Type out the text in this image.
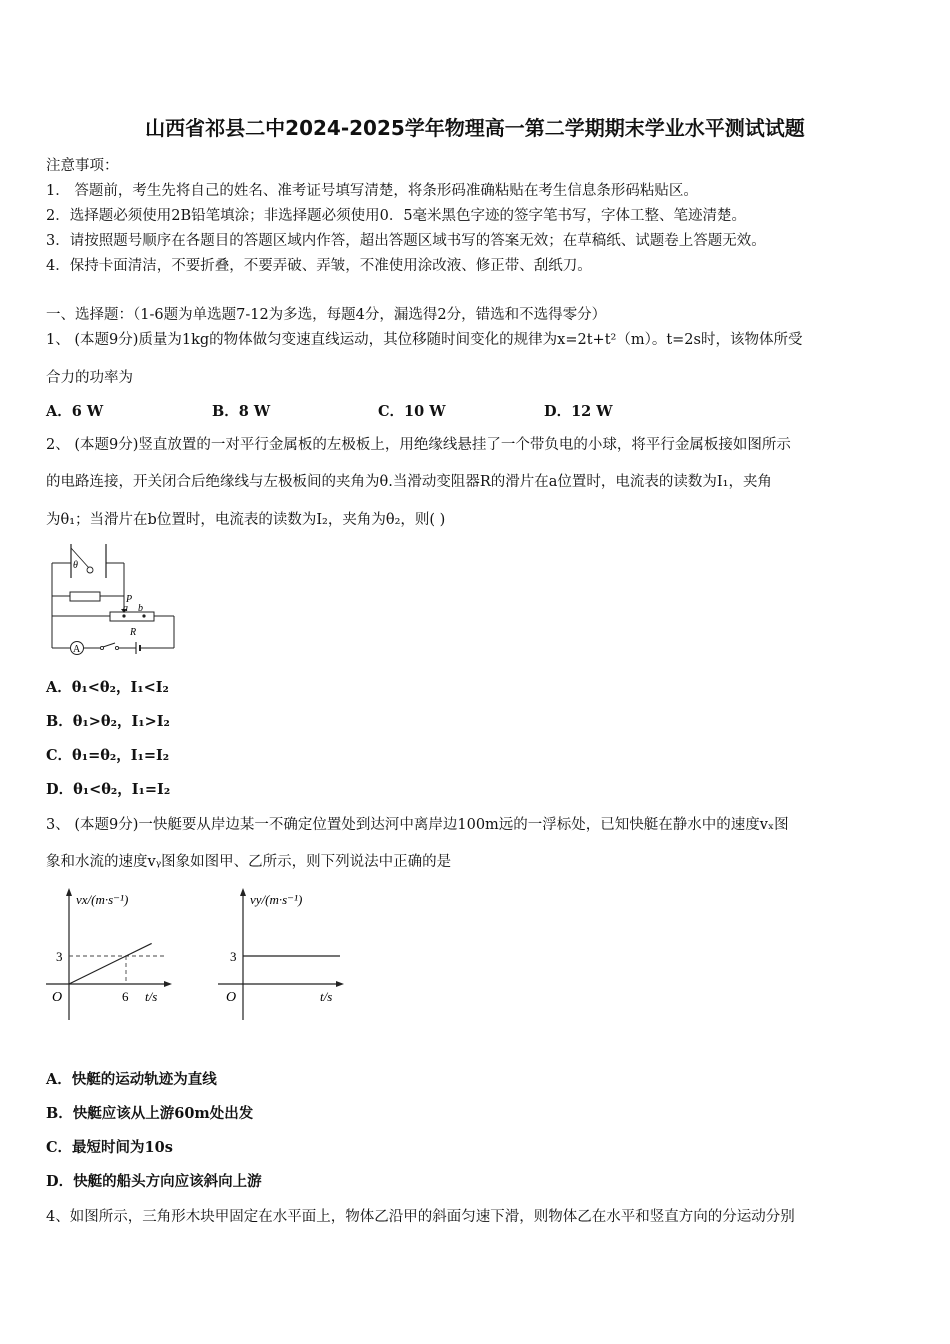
山西省祁县二中2024-2025学年物理高一第二学期期末学业水平测试试题
注意事项：
1． 答题前，考生先将自己的姓名、准考证号填写清楚，将条形码准确粘贴在考生信息条形码粘贴区。
2．选择题必须使用2B铅笔填涂；非选择题必须使用0．5毫米黑色字迹的签字笔书写，字体工整、笔迹清楚。
3．请按照题号顺序在各题目的答题区域内作答，超出答题区域书写的答案无效；在草稿纸、试题卷上答题无效。
4．保持卡面清洁，不要折叠，不要弄破、弄皱，不准使用涂改液、修正带、刮纸刀。
一、选择题：（1-6题为单选题7-12为多选，每题4分，漏选得2分，错选和不选得零分）
1、 (本题9分)质量为1kg的物体做匀变速直线运动，其位移随时间变化的规律为x=2t+t²（m）。t=2s时，该物体所受
合力的功率为
A．6 W	B．8 W	C．10 W	D．12 W
2、 (本题9分)竖直放置的一对平行金属板的左极板上，用绝缘线悬挂了一个带负电的小球，将平行金属板接如图所示
的电路连接，开关闭合后绝缘线与左极板间的夹角为θ.当滑动变阻器R的滑片在a位置时，电流表的读数为I₁，夹角
为θ₁；当滑片在b位置时，电流表的读数为I₂，夹角为θ₂，则( )
θ
P
a b
R
A
A．θ₁<θ₂，I₁<I₂
B．θ₁>θ₂，I₁>I₂
C．θ₁=θ₂，I₁=I₂
D．θ₁<θ₂，I₁=I₂
3、 (本题9分)一快艇要从岸边某一不确定位置处到达河中离岸边100m远的一浮标处，已知快艇在静水中的速度vₓ图
象和水流的速度vᵧ图象如图甲、乙所示，则下列说法中正确的是
vx/(m·s⁻¹)
t/s
O
3
6
vy/(m·s⁻¹)
t/s
O
3
A．快艇的运动轨迹为直线
B．快艇应该从上游60m处出发
C．最短时间为10s
D．快艇的船头方向应该斜向上游
4、如图所示，三角形木块甲固定在水平面上，物体乙沿甲的斜面匀速下滑，则物体乙在水平和竖直方向的分运动分别
